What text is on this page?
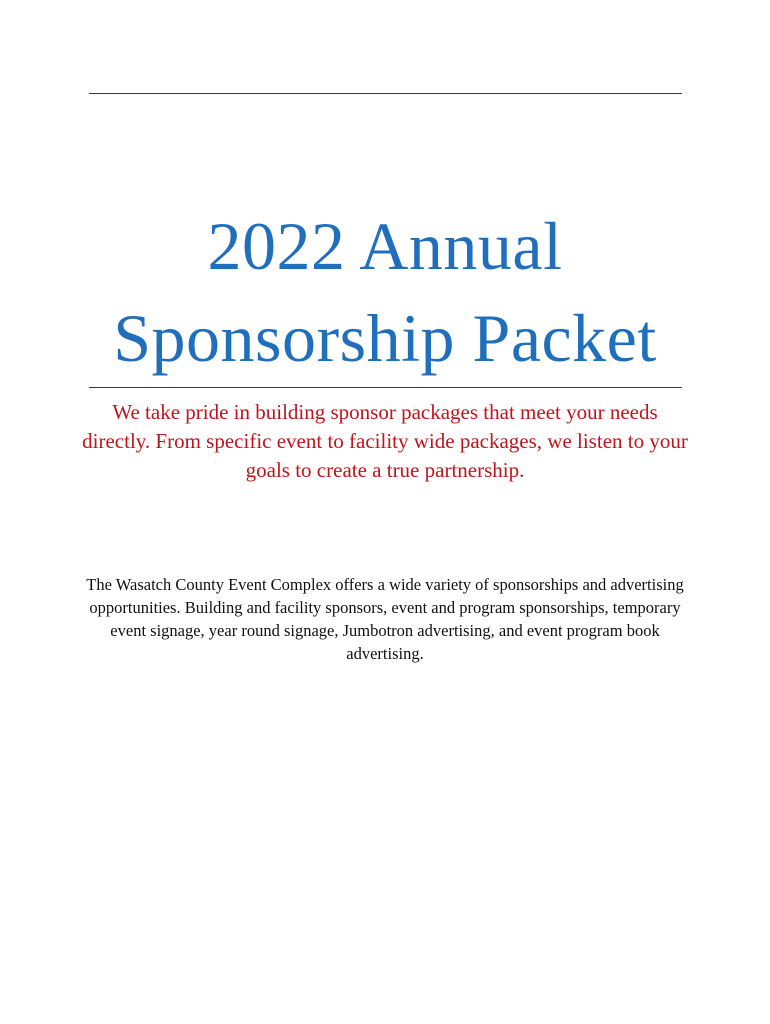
2022 Annual
Sponsorship Packet

We take pride in building sponsor packages that meet your needs directly. From specific event to facility wide packages, we listen to your goals to create a true partnership.

The Wasatch County Event Complex offers a wide variety of sponsorships and advertising opportunities. Building and facility sponsors, event and program sponsorships, temporary event signage, year round signage, Jumbotron advertising, and event program book advertising.
